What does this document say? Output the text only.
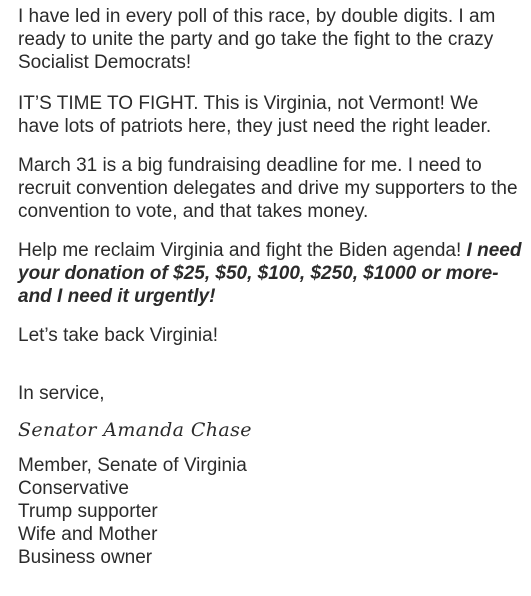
I have led in every poll of this race, by double digits. I am ready to unite the party and go take the fight to the crazy Socialist Democrats!

IT’S TIME TO FIGHT. This is Virginia, not Vermont! We have lots of patriots here, they just need the right leader.

March 31 is a big fundraising deadline for me. I need to recruit convention delegates and drive my supporters to the convention to vote, and that takes money.

Help me reclaim Virginia and fight the Biden agenda! I need your donation of $25, $50, $100, $250, $1000 or more- and I need it urgently!

Let’s take back Virginia!

In service,

Senator Amanda Chase

Member, Senate of Virginia
Conservative
Trump supporter
Wife and Mother
Business owner
